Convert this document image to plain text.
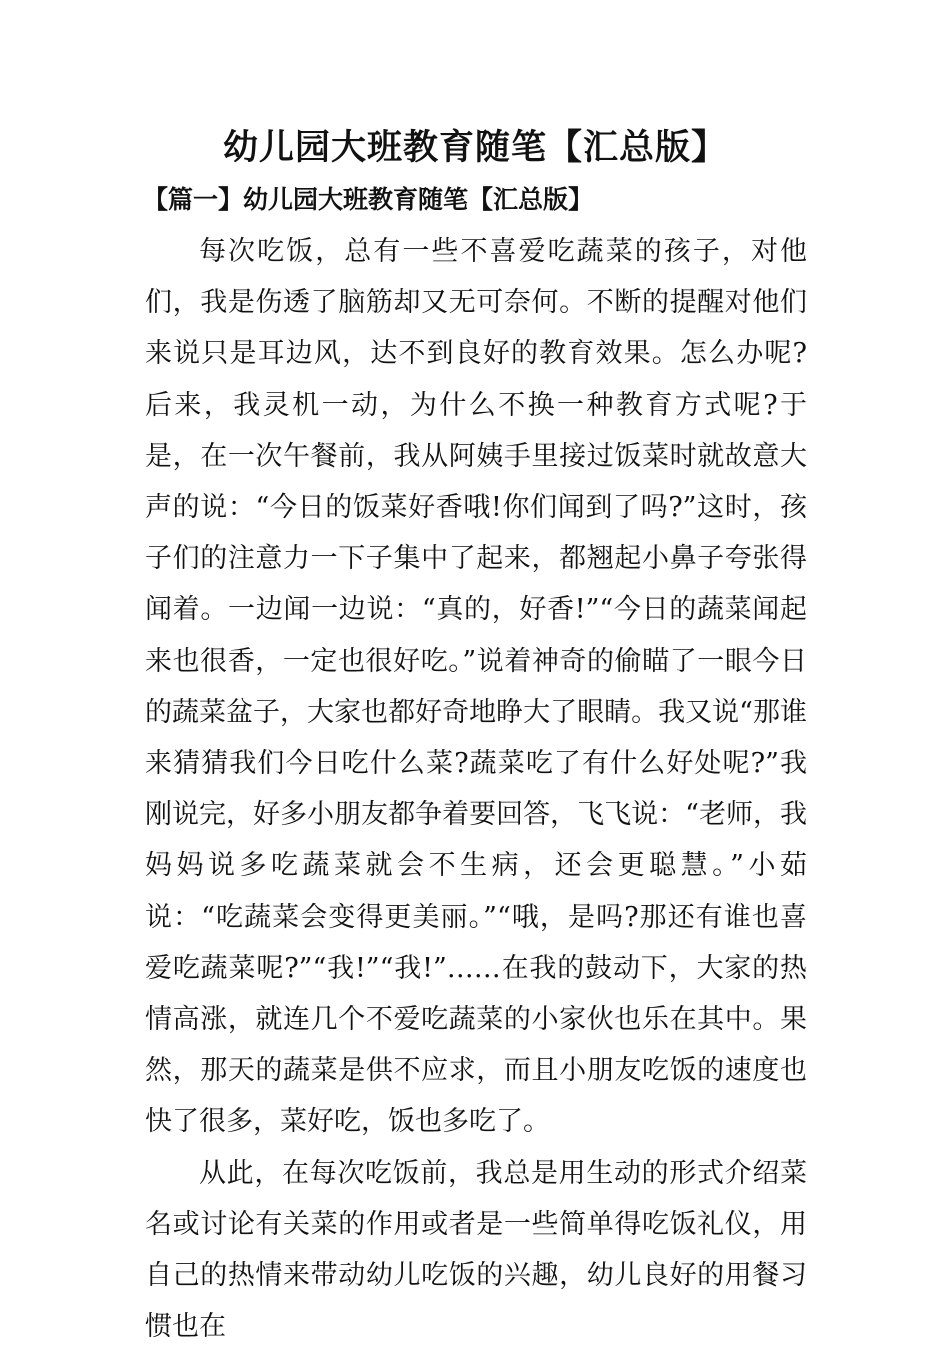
幼儿园大班教育随笔【汇总版】
【篇一】幼儿园大班教育随笔【汇总版】

每次吃饭，总有一些不喜爱吃蔬菜的孩子，对他们，我是伤透了脑筋却又无可奈何。不断的提醒对他们来说只是耳边风，达不到良好的教育效果。怎么办呢?后来，我灵机一动，为什么不换一种教育方式呢?于是，在一次午餐前，我从阿姨手里接过饭菜时就故意大声的说：“今日的饭菜好香哦!你们闻到了吗?”这时，孩子们的注意力一下子集中了起来，都翘起小鼻子夸张得闻着。一边闻一边说：“真的，好香!”“今日的蔬菜闻起来也很香，一定也很好吃。”说着神奇的偷瞄了一眼今日的蔬菜盆子，大家也都好奇地睁大了眼睛。我又说“那谁来猜猜我们今日吃什么菜?蔬菜吃了有什么好处呢?”我刚说完，好多小朋友都争着要回答，飞飞说：“老师，我妈妈说多吃蔬菜就会不生病，还会更聪慧。”小茹说：“吃蔬菜会变得更美丽。”“哦，是吗?那还有谁也喜爱吃蔬菜呢?”“我!”“我!”……在我的鼓动下，大家的热情高涨，就连几个不爱吃蔬菜的小家伙也乐在其中。果然，那天的蔬菜是供不应求，而且小朋友吃饭的速度也快了很多，菜好吃，饭也多吃了。

从此，在每次吃饭前，我总是用生动的形式介绍菜名或讨论有关菜的作用或者是一些简单得吃饭礼仪，用自己的热情来带动幼儿吃饭的兴趣，幼儿良好的用餐习惯也在
